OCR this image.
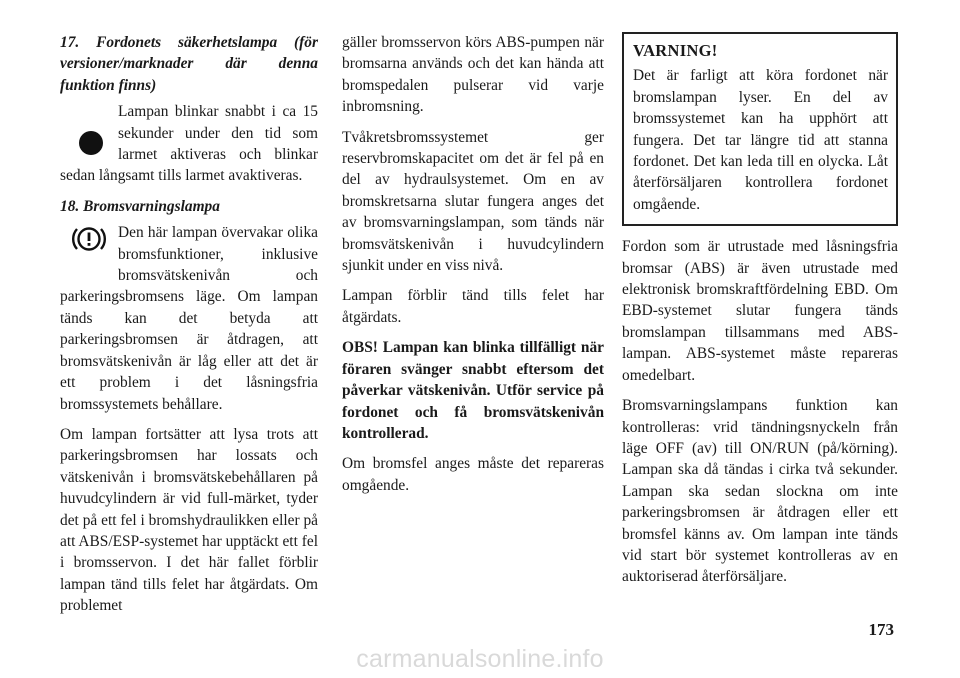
17. Fordonets säkerhetslampa (för versioner/marknader där denna funktion finns)

Lampan blinkar snabbt i ca 15 sekunder under den tid som larmet aktiveras och blinkar sedan långsamt tills larmet avaktiveras.

18. Bromsvarningslampa

Den här lampan övervakar olika bromsfunktioner, inklusive bromsvätskenivån och parkeringsbromsens läge. Om lampan tänds kan det betyda att parkeringsbromsen är åtdragen, att bromsvätskenivån är låg eller att det är ett problem i det låsningsfria bromssystemets behållare.

Om lampan fortsätter att lysa trots att parkeringsbromsen har lossats och vätskenivån i bromsvätskebehållaren på huvudcylindern är vid full-märket, tyder det på ett fel i bromshydraulikken eller på att ABS/ESP-systemet har upptäckt ett fel i bromsservon. I det här fallet förblir lampan tänd tills felet har åtgärdats. Om problemet

gäller bromsservon körs ABS-pumpen när bromsarna används och det kan hända att bromspedalen pulserar vid varje inbromsning.

Tvåkretsbromssystemet ger reservbromskapacitet om det är fel på en del av hydraulsystemet. Om en av bromskretsarna slutar fungera anges det av bromsvarningslampan, som tänds när bromsvätskenivån i huvudcylindern sjunkit under en viss nivå.

Lampan förblir tänd tills felet har åtgärdats.

OBS! Lampan kan blinka tillfälligt när föraren svänger snabbt eftersom det påverkar vätskenivån. Utför service på fordonet och få bromsvätskenivån kontrollerad.

Om bromsfel anges måste det repareras omgående.

VARNING!

Det är farligt att köra fordonet när bromslampan lyser. En del av bromssystemet kan ha upphört att fungera. Det tar längre tid att stanna fordonet. Det kan leda till en olycka. Låt återförsäljaren kontrollera fordonet omgående.

Fordon som är utrustade med låsningsfria bromsar (ABS) är även utrustade med elektronisk bromskraftfördelning EBD. Om EBD-systemet slutar fungera tänds bromslampan tillsammans med ABS-lampan. ABS-systemet måste repareras omedelbart.

Bromsvarningslampans funktion kan kontrolleras: vrid tändningsnyckeln från läge OFF (av) till ON/RUN (på/körning). Lampan ska då tändas i cirka två sekunder. Lampan ska sedan slockna om inte parkeringsbromsen är åtdragen eller ett bromsfel känns av. Om lampan inte tänds vid start bör systemet kontrolleras av en auktoriserad återförsäljare.

173
carmanualsonline.info
